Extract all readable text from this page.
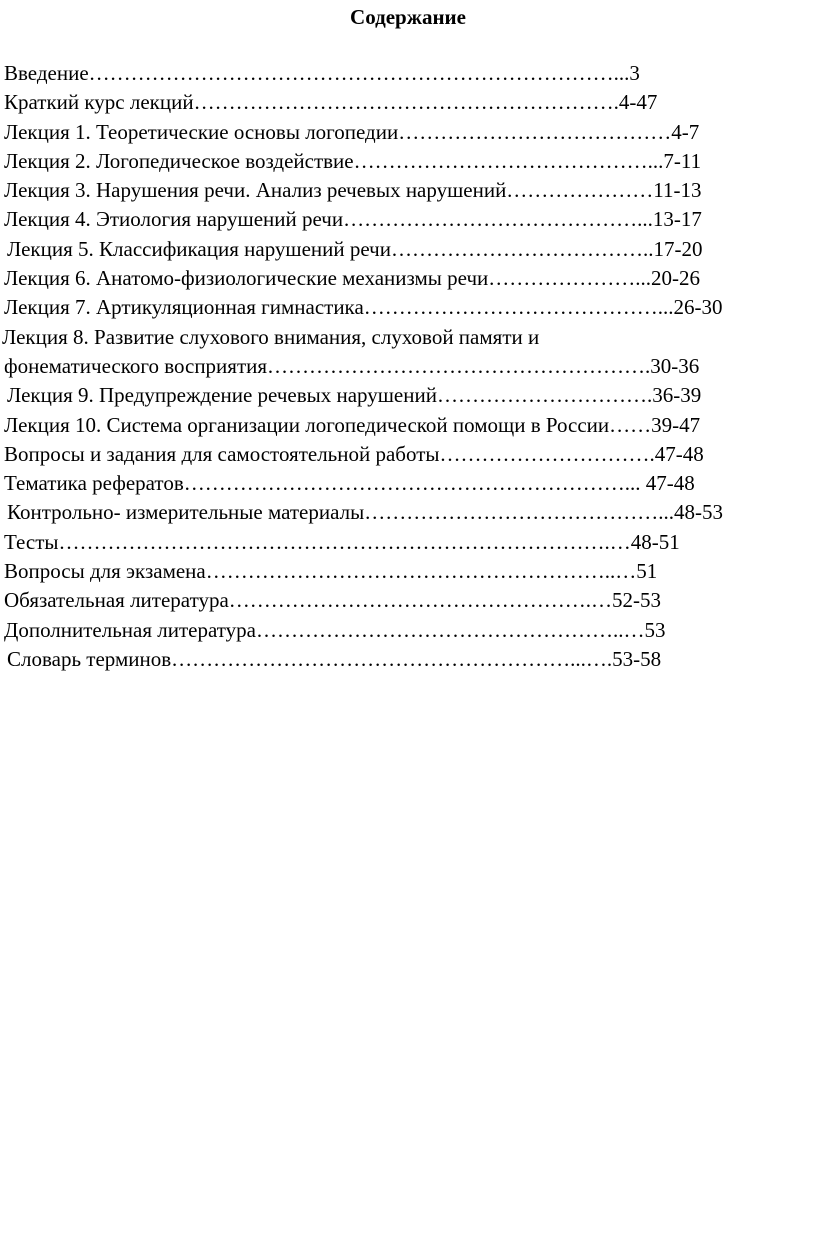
Содержание
Введение…………………………………………………………………...3
Краткий курс лекций…………………………………………………….4-47
Лекция 1. Теоретические основы логопедии…………………………………4-7
Лекция 2. Логопедическое воздействие……………………………………...7-11
Лекция 3. Нарушения речи. Анализ речевых нарушений…………………11-13
Лекция 4. Этиология нарушений речи……………………………………...13-17
Лекция 5. Классификация нарушений речи………………………………..17-20
Лекция 6. Анатомо-физиологические механизмы речи…………………...20-26
Лекция 7. Артикуляционная гимнастика……………………………………...26-30
Лекция 8. Развитие слухового внимания, слуховой памяти и
фонематического восприятия……………………………………………….30-36
Лекция 9. Предупреждение речевых нарушений………………………….36-39
Лекция 10. Система организации логопедической помощи в России……39-47
Вопросы и задания для самостоятельной работы………………………….47-48
Тематика рефератов………………………………………………………... 47-48
Контрольно- измерительные материалы……………………………………...48-53
Тесты…………………………………………………………………….…48-51
Вопросы для экзамена…………………………………………………..…51
Обязательная литература…………………………………………….…52-53
Дополнительная литература……………………………………………..…53
Словарь терминов…………………………………………………...….53-58
